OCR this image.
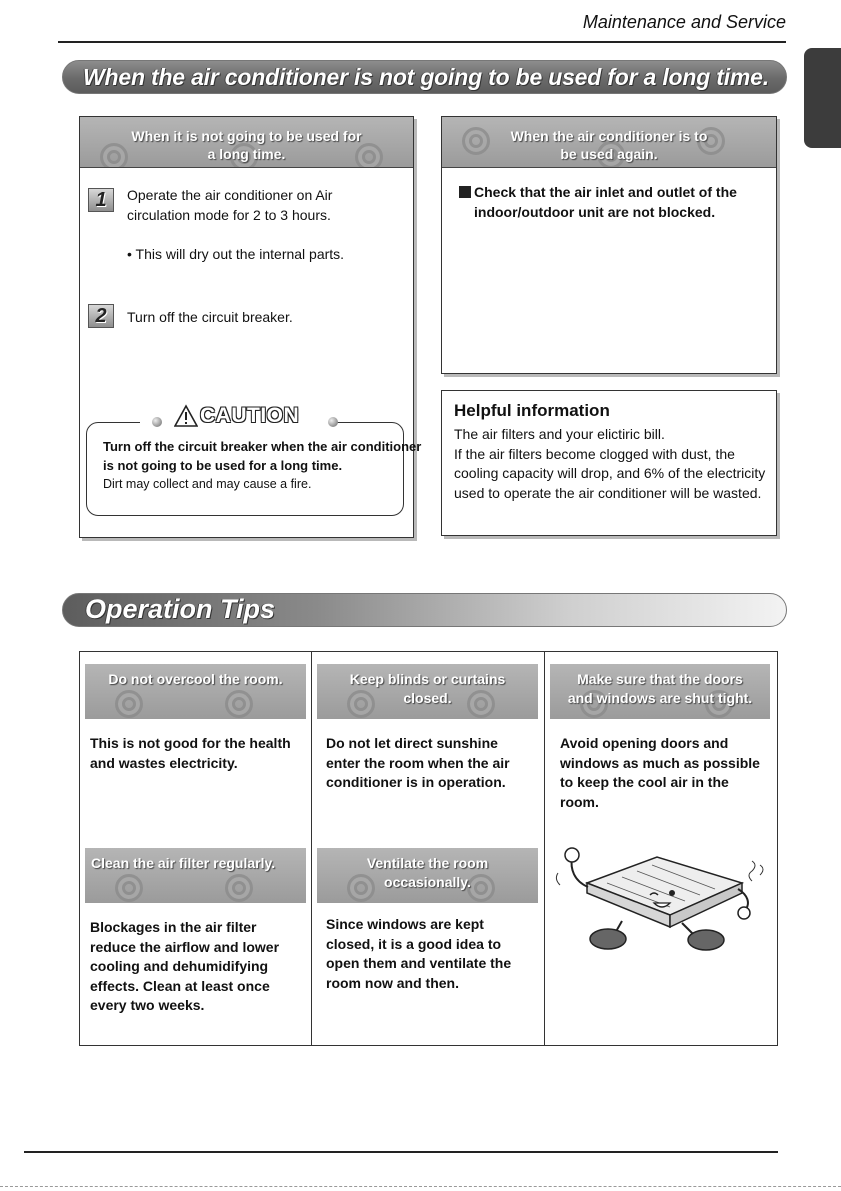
Maintenance and Service
When the air conditioner is not going to be used for a long time.
When it is not going to be used for
a long time.
1	Operate the air conditioner on Air
circulation mode for 2 to 3 hours.
• This will dry out the internal parts.
2	Turn off the circuit breaker.
CAUTION
Turn off the circuit breaker when the air conditioner
is not going to be used for a long time.
Dirt may collect and may cause a fire.
When the air conditioner is to
be used again.
Check that the air inlet and outlet of the
indoor/outdoor unit are not blocked.
Helpful information
The air filters and your elictiric bill.
If the air filters become clogged with dust, the
cooling capacity will drop, and 6% of the electricity
used to operate the air conditioner will be wasted.
Operation Tips
Do not overcool the room.
This is not good for the health
and wastes electricity.
Keep blinds or curtains
closed.
Do not let direct sunshine
enter the room when the air
conditioner is in operation.
Make sure that the doors
and windows are shut tight.
Avoid opening doors and
windows as much as possible
to keep the cool air in the
room.
Clean the air filter regularly.
Blockages in the air filter
reduce the airflow and lower
cooling and dehumidifying
effects. Clean at least once
every two weeks.
Ventilate the room
occasionally.
Since windows are kept
closed, it is a good idea to
open them and ventilate the
room now and then.
